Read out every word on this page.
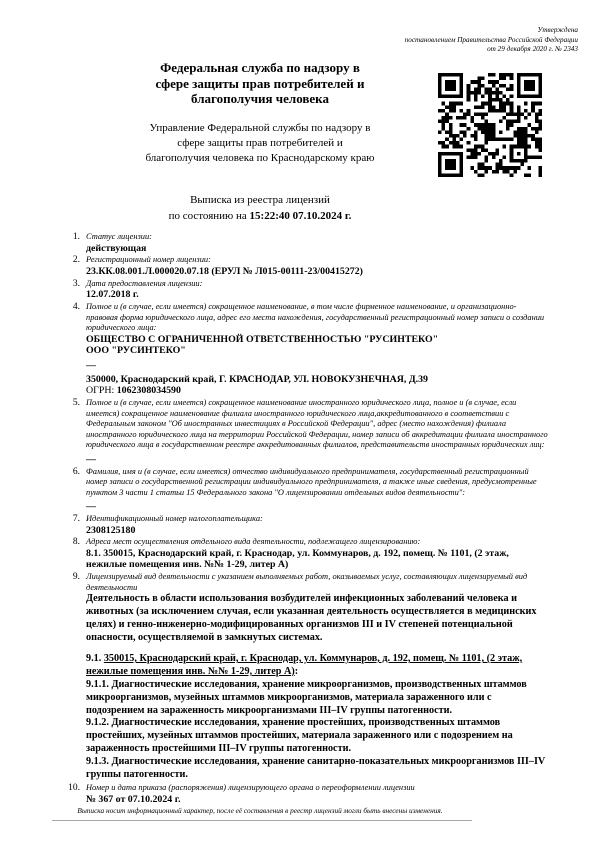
Утверждена
постановлением Правительства Российской Федерации
от 29 декабря 2020 г. № 2343
Федеральная служба по надзору в
сфере защиты прав потребителей и
благополучия человека
Управление Федеральной службы по надзору в
сфере защиты прав потребителей и
благополучия человека по Краснодарскому краю
Выписка из реестра лицензий
по состоянию на 15:22:40 07.10.2024 г.
1. Статус лицензии:
действующая
2. Регистрационный номер лицензии:
23.КК.08.001.Л.000020.07.18 (ЕРУЛ № Л015-00111-23/00415272)
3. Дата предоставления лицензии:
12.07.2018 г.
4. Полное и (в случае, если имеется) сокращенное наименование, в том числе фирменное наименование, и организационно-правовая форма юридического лица, адрес его места нахождения, государственный регистрационный номер записи о создании юридического лица:
ОБЩЕСТВО С ОГРАНИЧЕННОЙ ОТВЕТСТВЕННОСТЬЮ "РУСИНТЕКО"
ООО "РУСИНТЕКО"
—
350000, Краснодарский край, Г. КРАСНОДАР, УЛ. НОВОКУЗНЕЧНАЯ, Д.39
ОГРН: 1062308034590
5. Полное и (в случае, если имеется) сокращенное наименование иностранного юридического лица, полное и (в случае, если имеется) сокращенное наименование филиала иностранного юридического лица,аккредитованного в соответствии с Федеральным законом "Об иностранных инвестициях в Российской Федерации", адрес (место нахождения) филиала иностранного юридического лица на территории Российской Федерации, номер записи об аккредитации филиала иностранного юридического лица в государственном реестре аккредитованных филиалов, представительств иностранных юридических лиц:
—
6. Фамилия, имя и (в случае, если имеется) отчество индивидуального предпринимателя, государственный регистрационный номер записи о государственной регистрации индивидуального предпринимателя, а также иные сведения, предусмотренные пунктом 3 части 1 статьи 15 Федерального закона "О лицензировании отдельных видов деятельности":
—
7. Идентификационный номер налогоплательщика:
2308125180
8. Адреса мест осуществления отдельного вида деятельности, подлежащего лицензированию:
8.1. 350015, Краснодарский край, г. Краснодар, ул. Коммунаров, д. 192, помещ. № 1101, (2 этаж, нежилые помещения инв. №№ 1-29, литер А)
9. Лицензируемый вид деятельности с указанием выполняемых работ, оказываемых услуг, составляющих лицензируемый вид деятельности
Деятельность в области использования возбудителей инфекционных заболеваний человека и животных (за исключением случая, если указанная деятельность осуществляется в медицинских целях) и генно-инженерно-модифицированных организмов III и IV степеней потенциальной опасности, осуществляемой в замкнутых системах.
9.1. 350015, Краснодарский край, г. Краснодар, ул. Коммунаров, д. 192, помещ. № 1101, (2 этаж, нежилые помещения инв. №№ 1-29, литер А):
9.1.1. Диагностические исследования, хранение микроорганизмов, производственных штаммов микроорганизмов, музейных штаммов микроорганизмов, материала зараженного или с подозрением на зараженность микроорганизмами III–IV группы патогенности.
9.1.2. Диагностические исследования, хранение простейших, производственных штаммов простейших, музейных штаммов простейших, материала зараженного или с подозрением на зараженность простейшими III–IV группы патогенности.
9.1.3. Диагностические исследования, хранение санитарно-показательных микроорганизмов III–IV группы патогенности.
10. Номер и дата приказа (распоряжения) лицензирующего органа о переоформлении лицензии
№ 367 от 07.10.2024 г.
Выписка носит информационный характер, после её составления в реестр лицензий могли быть внесены изменения.
